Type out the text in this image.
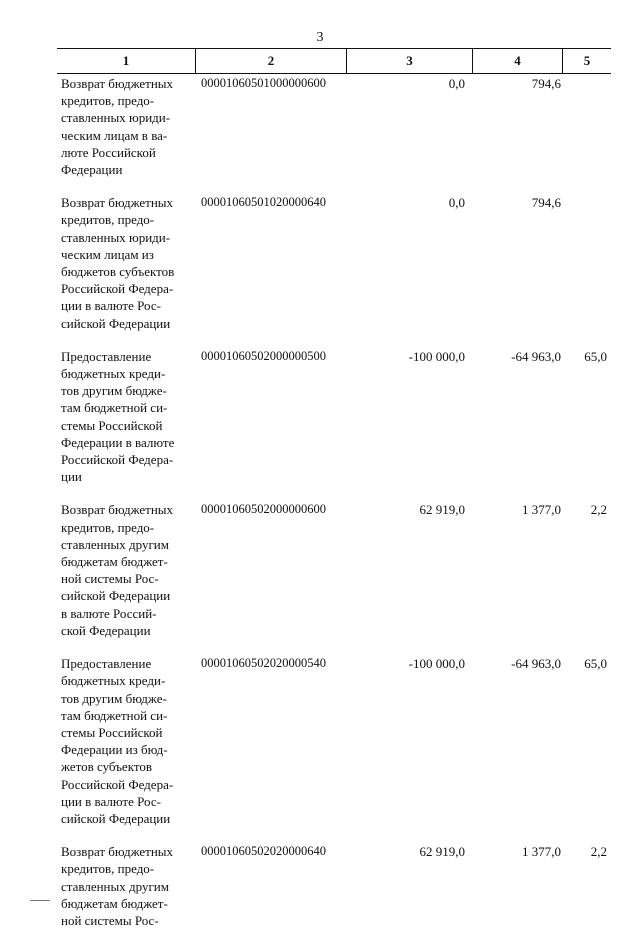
3
1	2	3	4	5
Возврат бюджетных
кредитов, предо-
ставленных юриди-
ческим лицам в ва-
люте Российской
Федерации
00001060501000000600	0,0	794,6
Возврат бюджетных
кредитов, предо-
ставленных юриди-
ческим лицам из
бюджетов субъектов
Российской Федера-
ции в валюте Рос-
сийской Федерации
00001060501020000640	0,0	794,6
Предоставление
бюджетных креди-
тов другим бюдже-
там бюджетной си-
стемы Российской
Федерации в валюте
Российской Федера-
ции
00001060502000000500	-100 000,0	-64 963,0	65,0
Возврат бюджетных
кредитов, предо-
ставленных другим
бюджетам бюджет-
ной системы Рос-
сийской Федерации
в валюте Россий-
ской Федерации
00001060502000000600	62 919,0	1 377,0	2,2
Предоставление
бюджетных креди-
тов другим бюдже-
там бюджетной си-
стемы Российской
Федерации из бюд-
жетов субъектов
Российской Федера-
ции в валюте Рос-
сийской Федерации
00001060502020000540	-100 000,0	-64 963,0	65,0
Возврат бюджетных
кредитов, предо-
ставленных другим
бюджетам бюджет-
ной системы Рос-
00001060502020000640	62 919,0	1 377,0	2,2
